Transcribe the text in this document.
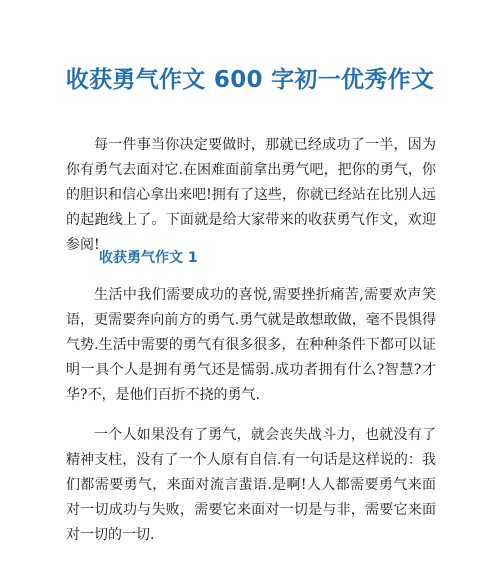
收获勇气作文 600 字初一优秀作文

每一件事当你决定要做时，那就已经成功了一半，因为你有勇气去面对它.在困难面前拿出勇气吧，把你的勇气，你的胆识和信心拿出来吧!拥有了这些，你就已经站在比别人远的起跑线上了。下面就是给大家带来的收获勇气作文，欢迎参阅!

收获勇气作文 1

生活中我们需要成功的喜悦,需要挫折痛苦,需要欢声笑语，更需要奔向前方的勇气.勇气就是敢想敢做，毫不畏惧得气势.生活中需要的勇气有很多很多，在种种条件下都可以证明一具个人是拥有勇气还是懦弱.成功者拥有什么?智慧?才华?不，是他们百折不挠的勇气.

一个人如果没有了勇气，就会丧失战斗力，也就没有了精神支柱，没有了一个人原有自信.有一句话是这样说的：我们都需要勇气，来面对流言蜚语.是啊!人人都需要勇气来面对一切成功与失败，需要它来面对一切是与非，需要它来面对一切的一切.
